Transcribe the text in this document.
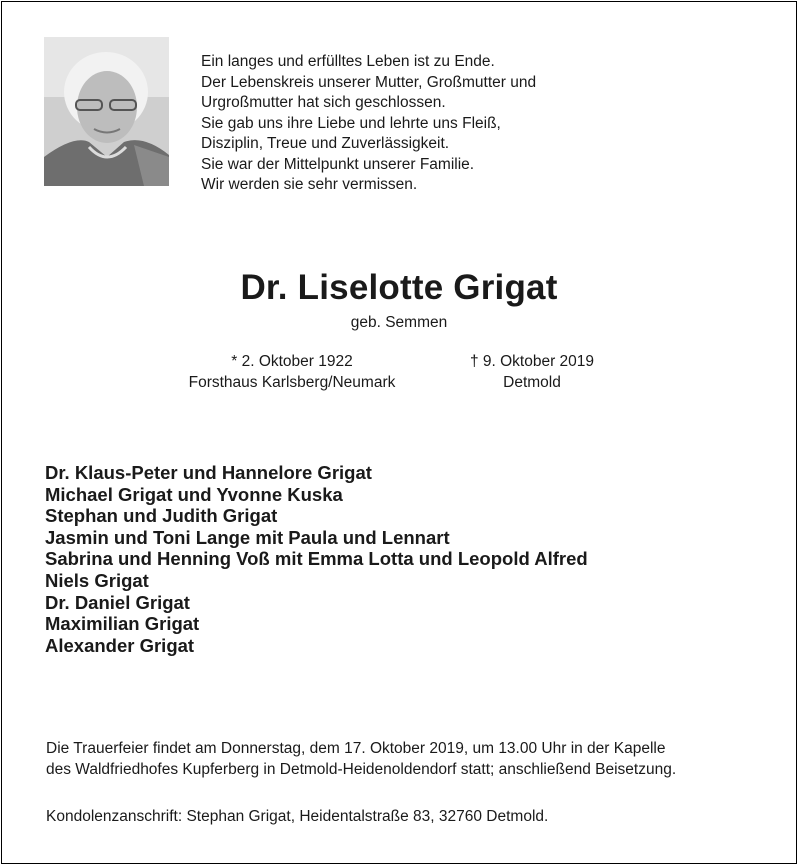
Ein langes und erfülltes Leben ist zu Ende.
Der Lebenskreis unserer Mutter, Großmutter und
Urgroßmutter hat sich geschlossen.
Sie gab uns ihre Liebe und lehrte uns Fleiß,
Disziplin, Treue und Zuverlässigkeit.
Sie war der Mittelpunkt unserer Familie.
Wir werden sie sehr vermissen.
Dr. Liselotte Grigat
geb. Semmen
* 2. Oktober 1922
Forsthaus Karlsberg/Neumark
† 9. Oktober 2019
Detmold
Dr. Klaus-Peter und Hannelore Grigat
Michael Grigat und Yvonne Kuska
Stephan und Judith Grigat
Jasmin und Toni Lange mit Paula und Lennart
Sabrina und Henning Voß mit Emma Lotta und Leopold Alfred
Niels Grigat
Dr. Daniel Grigat
Maximilian Grigat
Alexander Grigat
Die Trauerfeier findet am Donnerstag, dem 17. Oktober 2019, um 13.00 Uhr in der Kapelle
des Waldfriedhofes Kupferberg in Detmold-Heidenoldendorf statt; anschließend Beisetzung.
Kondolenzanschrift: Stephan Grigat, Heidentalstraße 83, 32760 Detmold.
